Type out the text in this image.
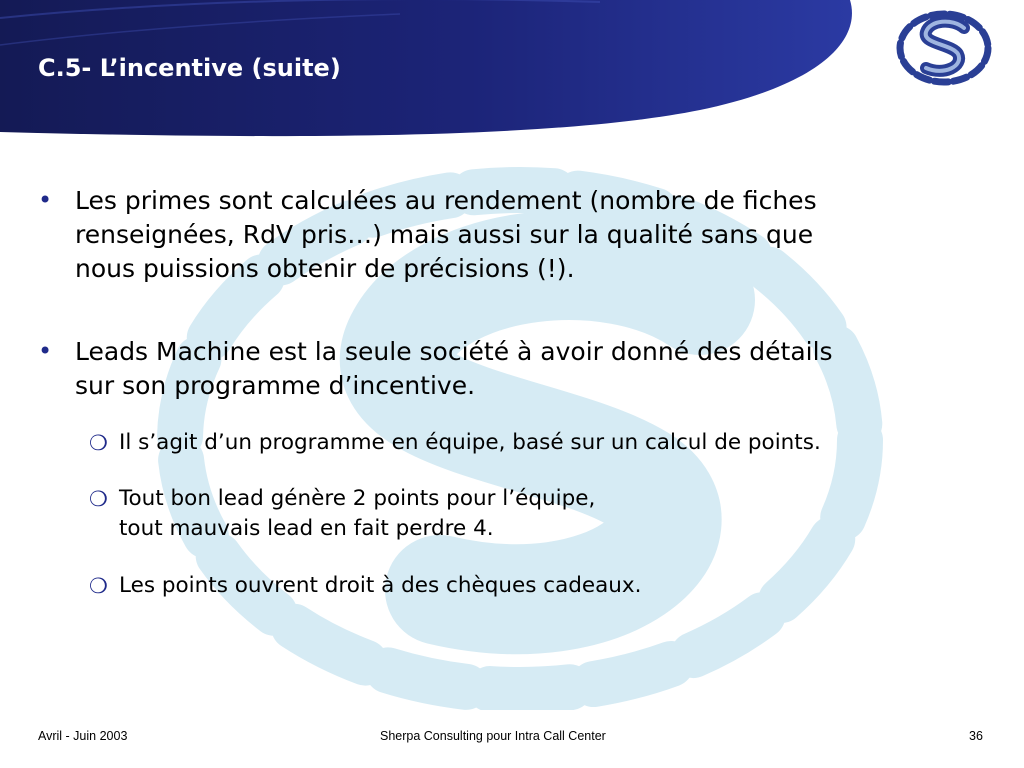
C.5- L’incentive (suite)
• Les primes sont calculées au rendement (nombre de fiches
renseignées, RdV pris…) mais aussi sur la qualité sans que
nous puissions obtenir de précisions (!).
• Leads Machine est la seule société à avoir donné des détails
sur son programme d’incentive.
❍ Il s’agit d’un programme en équipe, basé sur un calcul de points.
❍ Tout bon lead génère 2 points pour l’équipe,
tout mauvais lead en fait perdre 4.
❍ Les points ouvrent droit à des chèques cadeaux.
Avril - Juin 2003	Sherpa Consulting pour Intra Call Center	36
